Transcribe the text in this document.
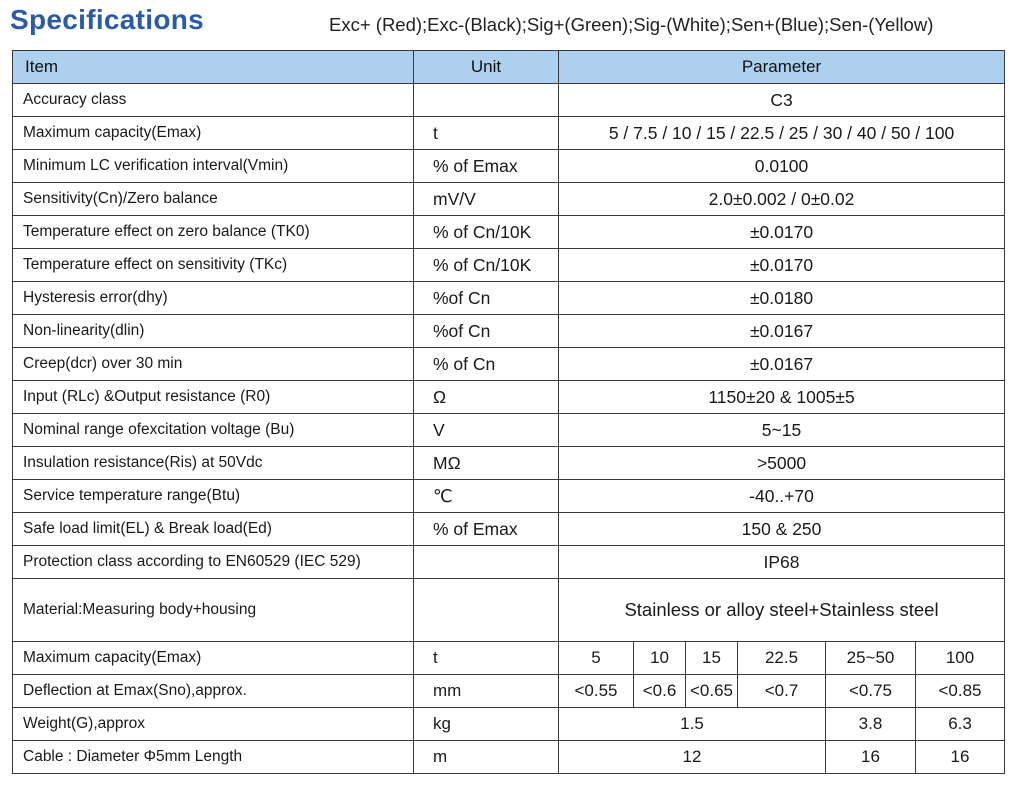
Specifications	Exc+ (Red);Exc-(Black);Sig+(Green);Sig-(White);Sen+(Blue);Sen-(Yellow)
Item	Unit	Parameter					
Accuracy class		C3					
Maximum capacity(Emax)	t	5 / 7.5 / 10 / 15 / 22.5 / 25 / 30 / 40 / 50 / 100					
Minimum LC verification interval(Vmin)	% of Emax	0.0100					
Sensitivity(Cn)/Zero balance	mV/V	2.0±0.002 / 0±0.02					
Temperature effect on zero balance (TK0)	% of Cn/10K	±0.0170					
Temperature effect on sensitivity (TKc)	% of Cn/10K	±0.0170					
Hysteresis error(dhy)	%of Cn	±0.0180					
Non-linearity(dlin)	%of Cn	±0.0167					
Creep(dcr) over 30 min	% of Cn	±0.0167					
Input (RLc) &Output resistance (R0)	Ω	1150±20 & 1005±5					
Nominal range ofexcitation voltage (Bu)	V	5~15					
Insulation resistance(Ris) at 50Vdc	MΩ	>5000					
Service temperature range(Btu)	℃	-40..+70					
Safe load limit(EL) & Break load(Ed)	% of Emax	150 & 250					
Protection class according to EN60529 (IEC 529)		IP68					
Material:Measuring body+housing		Stainless or alloy steel+Stainless steel					
Maximum capacity(Emax)	t	5	10	15	22.5	25~50	100
Deflection at Emax(Sno),approx.	mm	<0.55	<0.6	<0.65	<0.7	<0.75	<0.85
Weight(G),approx	kg	1.5				3.8	6.3
Cable : Diameter Φ5mm Length	m	12				16	16
